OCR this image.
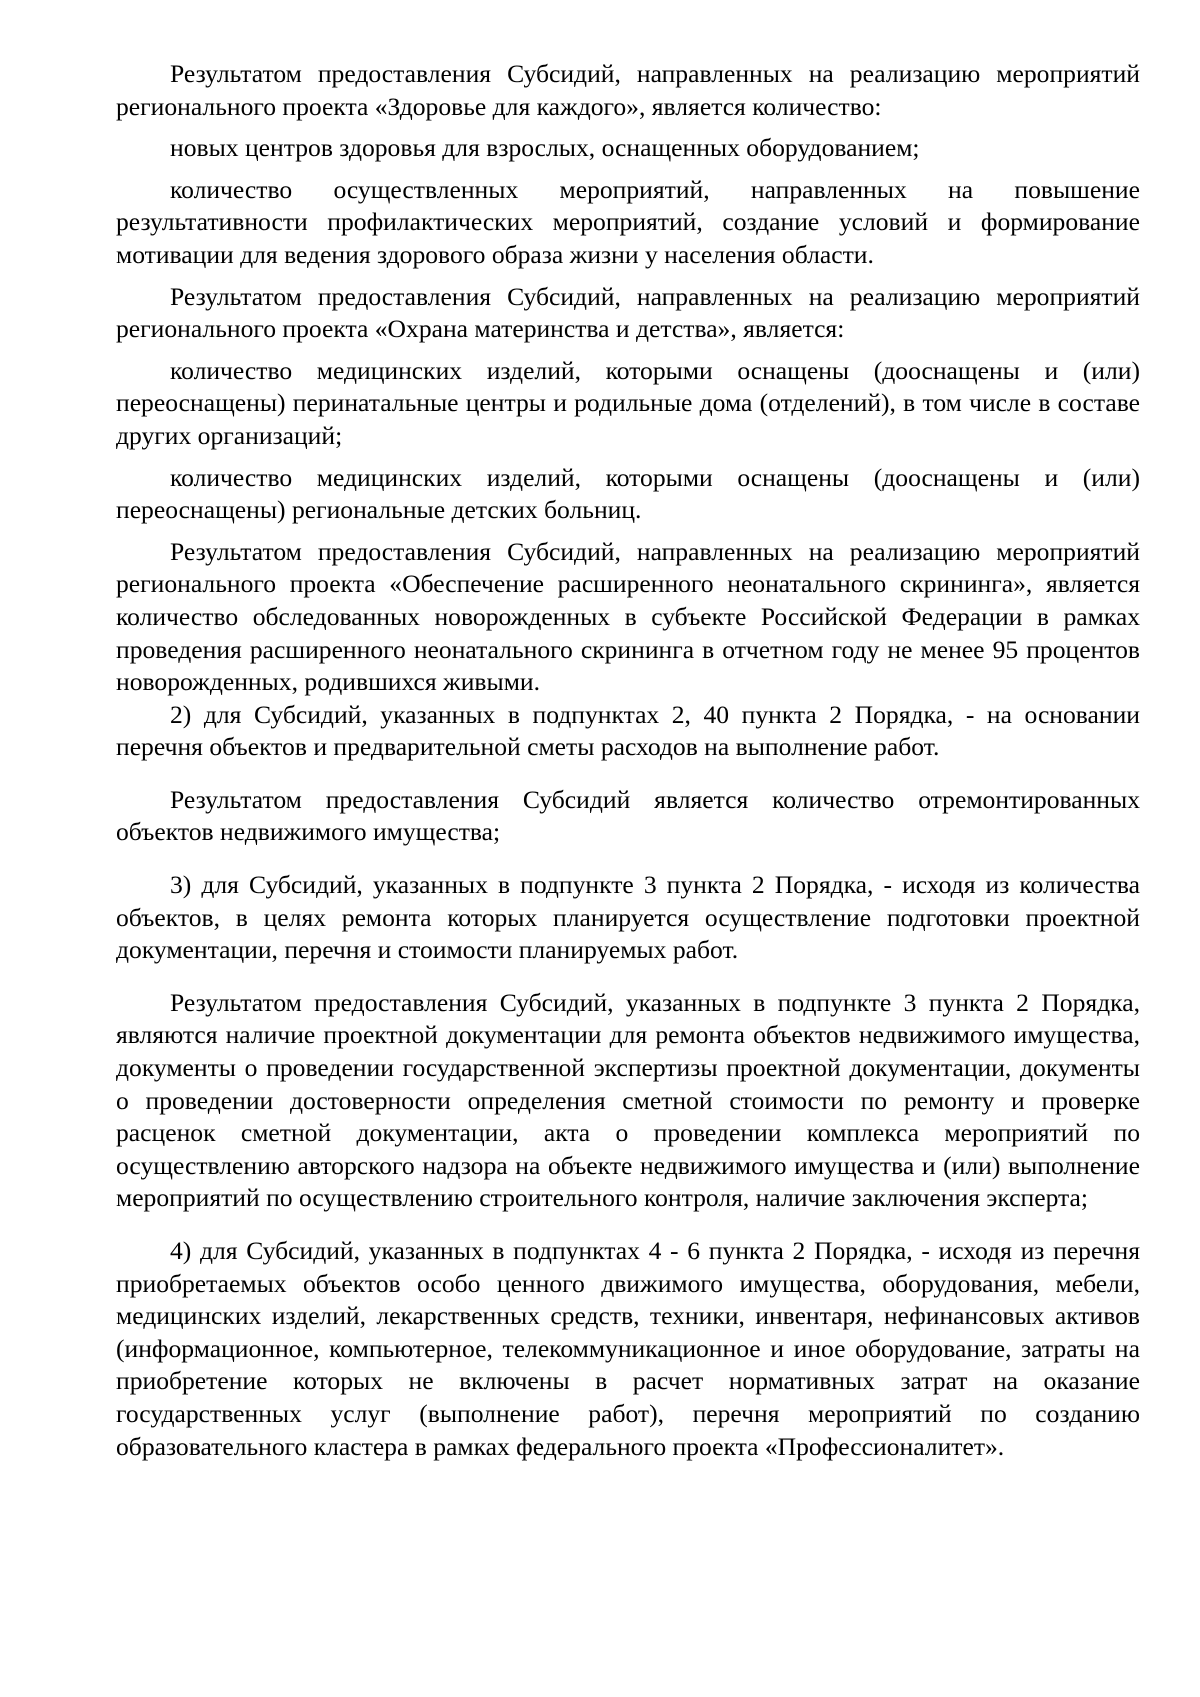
Результатом предоставления Субсидий, направленных на реализацию мероприятий регионального проекта «Здоровье для каждого», является количество:

новых центров здоровья для взрослых, оснащенных оборудованием;

количество осуществленных мероприятий, направленных на повышение результативности профилактических мероприятий, создание условий и формирование мотивации для ведения здорового образа жизни у населения области.

Результатом предоставления Субсидий, направленных на реализацию мероприятий регионального проекта «Охрана материнства и детства», является:

количество медицинских изделий, которыми оснащены (дооснащены и (или) переоснащены) перинатальные центры и родильные дома (отделений), в том числе в составе других организаций;

количество медицинских изделий, которыми оснащены (дооснащены и (или) переоснащены) региональные детских больниц.

Результатом предоставления Субсидий, направленных на реализацию мероприятий регионального проекта «Обеспечение расширенного неонатального скрининга», является количество обследованных новорожденных в субъекте Российской Федерации в рамках проведения расширенного неонатального скрининга в отчетном году не менее 95 процентов новорожденных, родившихся живыми.

2) для Субсидий, указанных в подпунктах 2, 40 пункта 2 Порядка, - на основании перечня объектов и предварительной сметы расходов на выполнение работ.

Результатом предоставления Субсидий является количество отремонтированных объектов недвижимого имущества;

3) для Субсидий, указанных в подпункте 3 пункта 2 Порядка, - исходя из количества объектов, в целях ремонта которых планируется осуществление подготовки проектной документации, перечня и стоимости планируемых работ.

Результатом предоставления Субсидий, указанных в подпункте 3 пункта 2 Порядка, являются наличие проектной документации для ремонта объектов недвижимого имущества, документы о проведении государственной экспертизы проектной документации, документы о проведении достоверности определения сметной стоимости по ремонту и проверке расценок сметной документации, акта о проведении комплекса мероприятий по осуществлению авторского надзора на объекте недвижимого имущества и (или) выполнение мероприятий по осуществлению строительного контроля, наличие заключения эксперта;

4) для Субсидий, указанных в подпунктах 4 - 6 пункта 2 Порядка, - исходя из перечня приобретаемых объектов особо ценного движимого имущества, оборудования, мебели, медицинских изделий, лекарственных средств, техники, инвентаря, нефинансовых активов (информационное, компьютерное, телекоммуникационное и иное оборудование, затраты на приобретение которых не включены в расчет нормативных затрат на оказание государственных услуг (выполнение работ), перечня мероприятий по созданию образовательного кластера в рамках федерального проекта «Профессионалитет».
